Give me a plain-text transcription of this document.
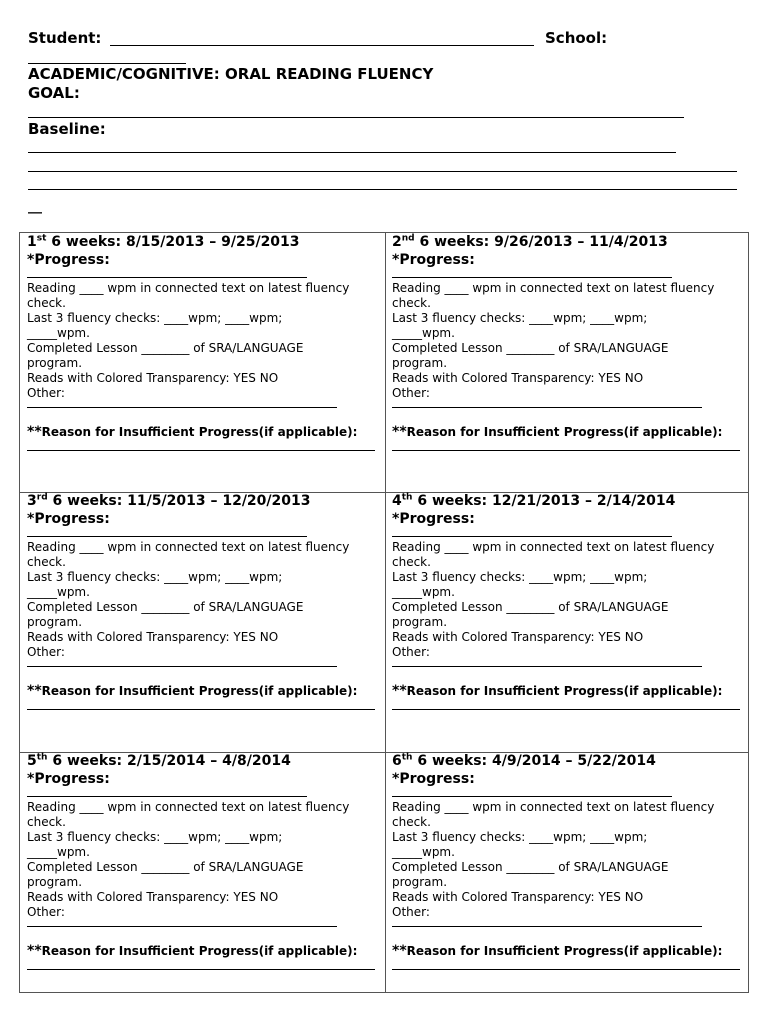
Student:	School:
ACADEMIC/COGNITIVE: ORAL READING FLUENCY
GOAL:
Baseline:
__
1st 6 weeks: 8/15/2013 – 9/25/2013
*Progress:

Reading ____ wpm in connected text on latest fluency check.

Last 3 fluency checks: ____wpm; ____wpm;

_____wpm.

Completed Lesson ________ of SRA/LANGUAGE

program.

Reads with Colored Transparency: YES NO

Other:

**Reason for Insufficient Progress(if applicable):
2nd 6 weeks: 9/26/2013 – 11/4/2013
*Progress:

Reading ____ wpm in connected text on latest fluency check.

Last 3 fluency checks: ____wpm; ____wpm;

_____wpm.

Completed Lesson ________ of SRA/LANGUAGE

program.

Reads with Colored Transparency: YES NO

Other:

**Reason for Insufficient Progress(if applicable):
3rd 6 weeks: 11/5/2013 – 12/20/2013
*Progress:

Reading ____ wpm in connected text on latest fluency check.

Last 3 fluency checks: ____wpm; ____wpm;

_____wpm.

Completed Lesson ________ of SRA/LANGUAGE

program.

Reads with Colored Transparency: YES NO

Other:

**Reason for Insufficient Progress(if applicable):
4th 6 weeks: 12/21/2013 – 2/14/2014
*Progress:

Reading ____ wpm in connected text on latest fluency check.

Last 3 fluency checks: ____wpm; ____wpm;

_____wpm.

Completed Lesson ________ of SRA/LANGUAGE

program.

Reads with Colored Transparency: YES NO

Other:

**Reason for Insufficient Progress(if applicable):
5th 6 weeks: 2/15/2014 – 4/8/2014
*Progress:

Reading ____ wpm in connected text on latest fluency check.

Last 3 fluency checks: ____wpm; ____wpm;

_____wpm.

Completed Lesson ________ of SRA/LANGUAGE

program.

Reads with Colored Transparency: YES NO

Other:

**Reason for Insufficient Progress(if applicable):
6th 6 weeks: 4/9/2014 – 5/22/2014
*Progress:

Reading ____ wpm in connected text on latest fluency check.

Last 3 fluency checks: ____wpm; ____wpm;

_____wpm.

Completed Lesson ________ of SRA/LANGUAGE

program.

Reads with Colored Transparency: YES NO

Other:

**Reason for Insufficient Progress(if applicable):
